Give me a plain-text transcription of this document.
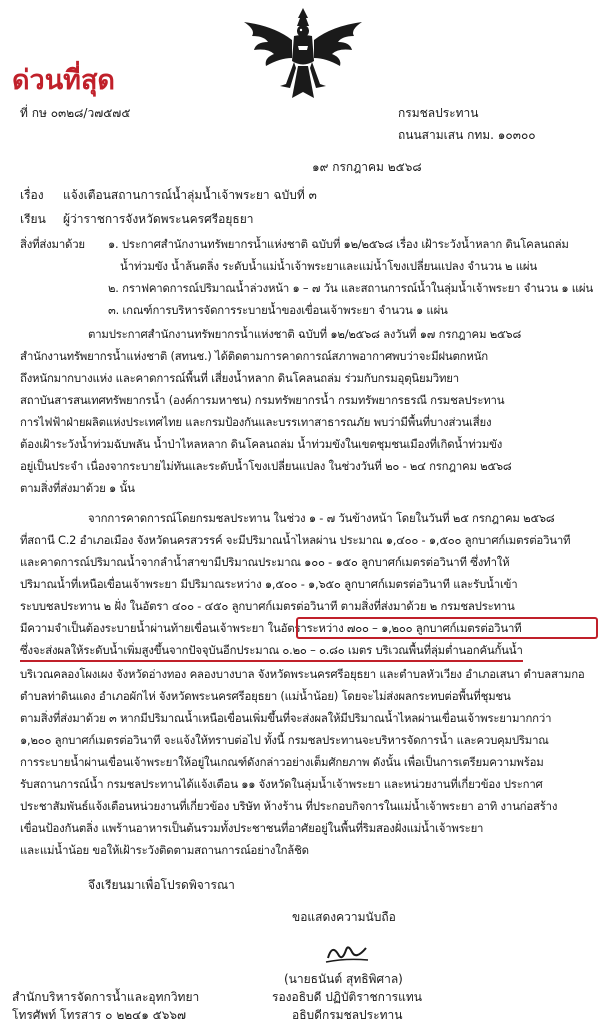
ด่วนที่สุด
ที่ กษ ๐๓๒๘/ว๗๕๗๕	กรมชลประทาน
ถนนสามเสน กทม. ๑๐๓๐๐
๑๙ กรกฎาคม ๒๕๖๘
เรื่อง แจ้งเตือนสถานการณ์น้ำลุ่มน้ำเจ้าพระยา ฉบับที่ ๓
เรียน ผู้ว่าราชการจังหวัดพระนครศรีอยุธยา
สิ่งที่ส่งมาด้วย ๑. ประกาศสำนักงานทรัพยากรน้ำแห่งชาติ ฉบับที่ ๑๒/๒๕๖๘ เรื่อง เฝ้าระวังน้ำหลาก ดินโคลนถล่ม
น้ำท่วมขัง น้ำล้นตลิ่ง ระดับน้ำแม่น้ำเจ้าพระยาและแม่น้ำโขงเปลี่ยนแปลง จำนวน ๒ แผ่น
๒. กราฟคาดการณ์ปริมาณน้ำล่วงหน้า ๑ – ๗ วัน และสถานการณ์น้ำในลุ่มน้ำเจ้าพระยา จำนวน ๑ แผ่น
๓. เกณฑ์การบริหารจัดการระบายน้ำของเขื่อนเจ้าพระยา จำนวน ๑ แผ่น
ตามประกาศสำนักงานทรัพยากรน้ำแห่งชาติ ฉบับที่ ๑๒/๒๕๖๘ ลงวันที่ ๑๗ กรกฎาคม ๒๕๖๘
สำนักงานทรัพยากรน้ำแห่งชาติ (สทนช.) ได้ติดตามการคาดการณ์สภาพอากาศพบว่าจะมีฝนตกหนัก
ถึงหนักมากบางแห่ง และคาดการณ์พื้นที่ เสี่ยงน้ำหลาก ดินโคลนถล่ม ร่วมกับกรมอุตุนิยมวิทยา
สถาบันสารสนเทศทรัพยากรน้ำ (องค์การมหาชน) กรมทรัพยากรน้ำ กรมทรัพยากรธรณี กรมชลประทาน
การไฟฟ้าฝ่ายผลิตแห่งประเทศไทย และกรมป้องกันและบรรเทาสาธารณภัย พบว่ามีพื้นที่บางส่วนเสี่ยง
ต้องเฝ้าระวังน้ำท่วมฉับพลัน น้ำป่าไหลหลาก ดินโคลนถล่ม น้ำท่วมขังในเขตชุมชนเมืองที่เกิดน้ำท่วมขัง
อยู่เป็นประจำ เนื่องจากระบายไม่ทันและระดับน้ำโขงเปลี่ยนแปลง ในช่วงวันที่ ๒๐ - ๒๔ กรกฎาคม ๒๕๖๘
ตามสิ่งที่ส่งมาด้วย ๑ นั้น
จากการคาดการณ์โดยกรมชลประทาน ในช่วง ๑ - ๗ วันข้างหน้า โดยในวันที่ ๒๕ กรกฎาคม ๒๕๖๘
ที่สถานี C.2 อำเภอเมือง จังหวัดนครสวรรค์ จะมีปริมาณน้ำไหลผ่าน ประมาณ ๑,๔๐๐ - ๑,๕๐๐ ลูกบาศก์เมตรต่อวินาที
และคาดการณ์ปริมาณน้ำจากลำน้ำสาขามีปริมาณประมาณ ๑๐๐ - ๑๕๐ ลูกบาศก์เมตรต่อวินาที ซึ่งทำให้
ปริมาณน้ำที่เหนือเขื่อนเจ้าพระยา มีปริมาณระหว่าง ๑,๕๐๐ - ๑,๖๕๐ ลูกบาศก์เมตรต่อวินาที และรับน้ำเข้า
ระบบชลประทาน ๒ ฝั่ง ในอัตรา ๔๐๐ - ๔๕๐ ลูกบาศก์เมตรต่อวินาที ตามสิ่งที่ส่งมาด้วย ๒ กรมชลประทาน
มีความจำเป็นต้องระบายน้ำผ่านท้ายเขื่อนเจ้าพระยา ในอัตราระหว่าง ๗๐๐ – ๑,๒๐๐ ลูกบาศก์เมตรต่อวินาที
ซึ่งจะส่งผลให้ระดับน้ำเพิ่มสูงขึ้นจากปัจจุบันอีกประมาณ ๐.๒๐ – ๐.๘๐ เมตร บริเวณพื้นที่ลุ่มต่ำนอกคันกั้นน้ำ
บริเวณคลองโผงเผง จังหวัดอ่างทอง คลองบางบาล จังหวัดพระนครศรีอยุธยา และตำบลหัวเวียง อำเภอเสนา ตำบลสามกอ
ตำบลท่าดินแดง อำเภอผักไห่ จังหวัดพระนครศรีอยุธยา (แม่น้ำน้อย) โดยจะไม่ส่งผลกระทบต่อพื้นที่ชุมชน
ตามสิ่งที่ส่งมาด้วย ๓ หากมีปริมาณน้ำเหนือเขื่อนเพิ่มขึ้นที่จะส่งผลให้มีปริมาณน้ำไหลผ่านเขื่อนเจ้าพระยามากกว่า
๑,๒๐๐ ลูกบาศก์เมตรต่อวินาที จะแจ้งให้ทราบต่อไป ทั้งนี้ กรมชลประทานจะบริหารจัดการน้ำ และควบคุมปริมาณ
การระบายน้ำผ่านเขื่อนเจ้าพระยาให้อยู่ในเกณฑ์ดังกล่าวอย่างเต็มศักยภาพ ดังนั้น เพื่อเป็นการเตรียมความพร้อม
รับสถานการณ์น้ำ กรมชลประทานได้แจ้งเตือน ๑๑ จังหวัดในลุ่มน้ำเจ้าพระยา และหน่วยงานที่เกี่ยวข้อง ประกาศ
ประชาสัมพันธ์แจ้งเตือนหน่วยงานที่เกี่ยวข้อง บริษัท ห้างร้าน ที่ประกอบกิจการในแม่น้ำเจ้าพระยา อาทิ งานก่อสร้าง
เขื่อนป้องกันตลิ่ง แพร้านอาหารเป็นต้นรวมทั้งประชาชนที่อาศัยอยู่ในพื้นที่ริมสองฝั่งแม่น้ำเจ้าพระยา
และแม่น้ำน้อย ขอให้เฝ้าระวังติดตามสถานการณ์อย่างใกล้ชิด
จึงเรียนมาเพื่อโปรดพิจารณา
ขอแสดงความนับถือ
(นายธนันต์ สุทธิพิศาล)
รองอธิบดี ปฏิบัติราชการแทน
อธิบดีกรมชลประทาน
สำนักบริหารจัดการน้ำและอุทกวิทยา
โทรศัพท์ โทรสาร ๐ ๒๒๔๑ ๕๖๖๗
